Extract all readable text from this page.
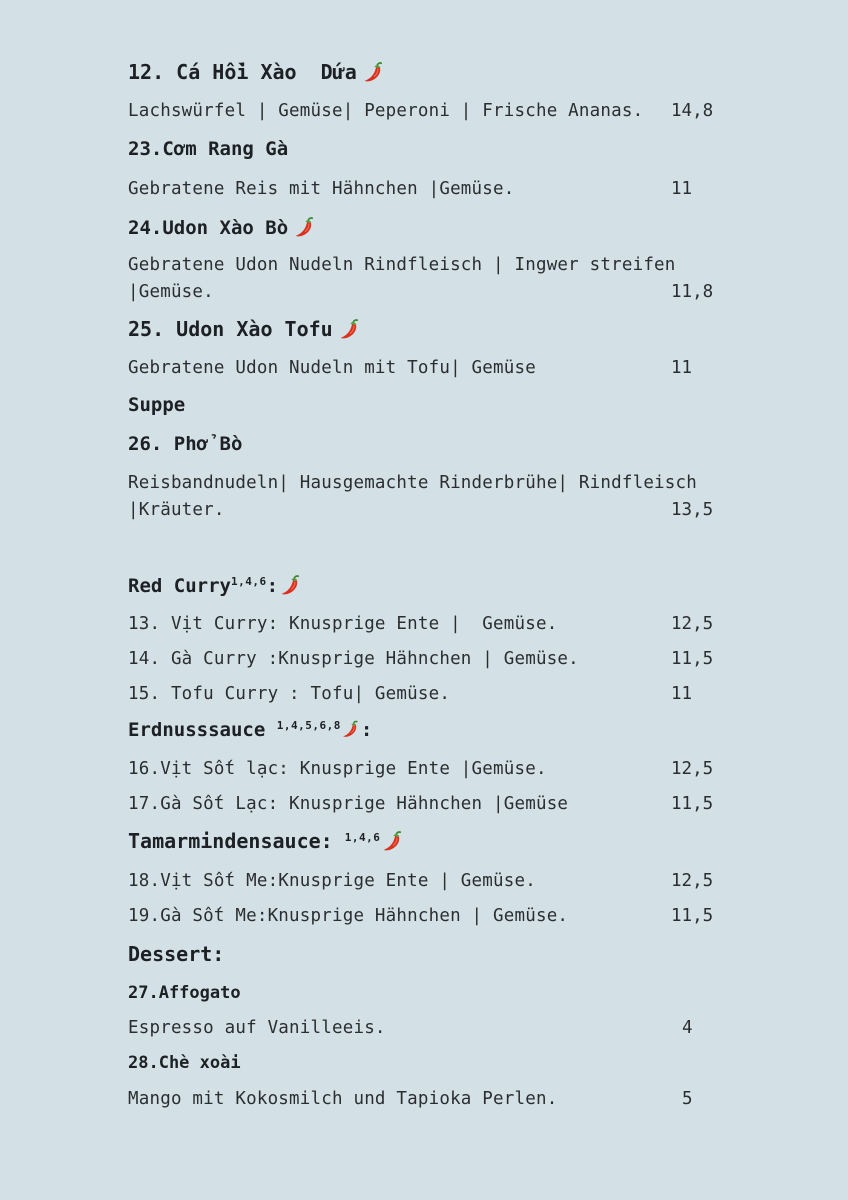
12. Cá Hồi Xào  Dứa
Lachswürfel | Gemüse| Peperoni | Frische Ananas. 14,8
23.Cơm Rang Gà
Gebratene Reis mit Hähnchen |Gemüse.	11
24.Udon Xào Bò
Gebratene Udon Nudeln Rindfleisch | Ingwer streifen
|Gemüse.	11,8
25. Udon Xào Tofu
Gebratene Udon Nudeln mit Tofu| Gemüse	11
Suppe
26. Phở Bò
Reisbandnudeln| Hausgemachte Rinderbrühe| Rindfleisch
|Kräuter.	13,5
Red Curry$^{1,4,6}$:
13. Vịt Curry: Knusprige Ente |  Gemüse.	12,5
14. Gà Curry :Knusprige Hähnchen | Gemüse.	11,5
15. Tofu Curry : Tofu| Gemüse.	11
Erdnusssauce $^{1,4,5,6,8}$ :
16.Vịt Sốt lạc: Knusprige Ente |Gemüse.	12,5
17.Gà Sốt Lạc: Knusprige Hähnchen |Gemüse	11,5
Tamarmindensauce: $^{1,4,6}$
18.Vịt Sốt Me:Knusprige Ente | Gemüse.	12,5
19.Gà Sốt Me:Knusprige Hähnchen | Gemüse.	11,5
Dessert:
27.Affogato
Espresso auf Vanilleeis.	4
28.Chè xoài
Mango mit Kokosmilch und Tapioka Perlen.	5
